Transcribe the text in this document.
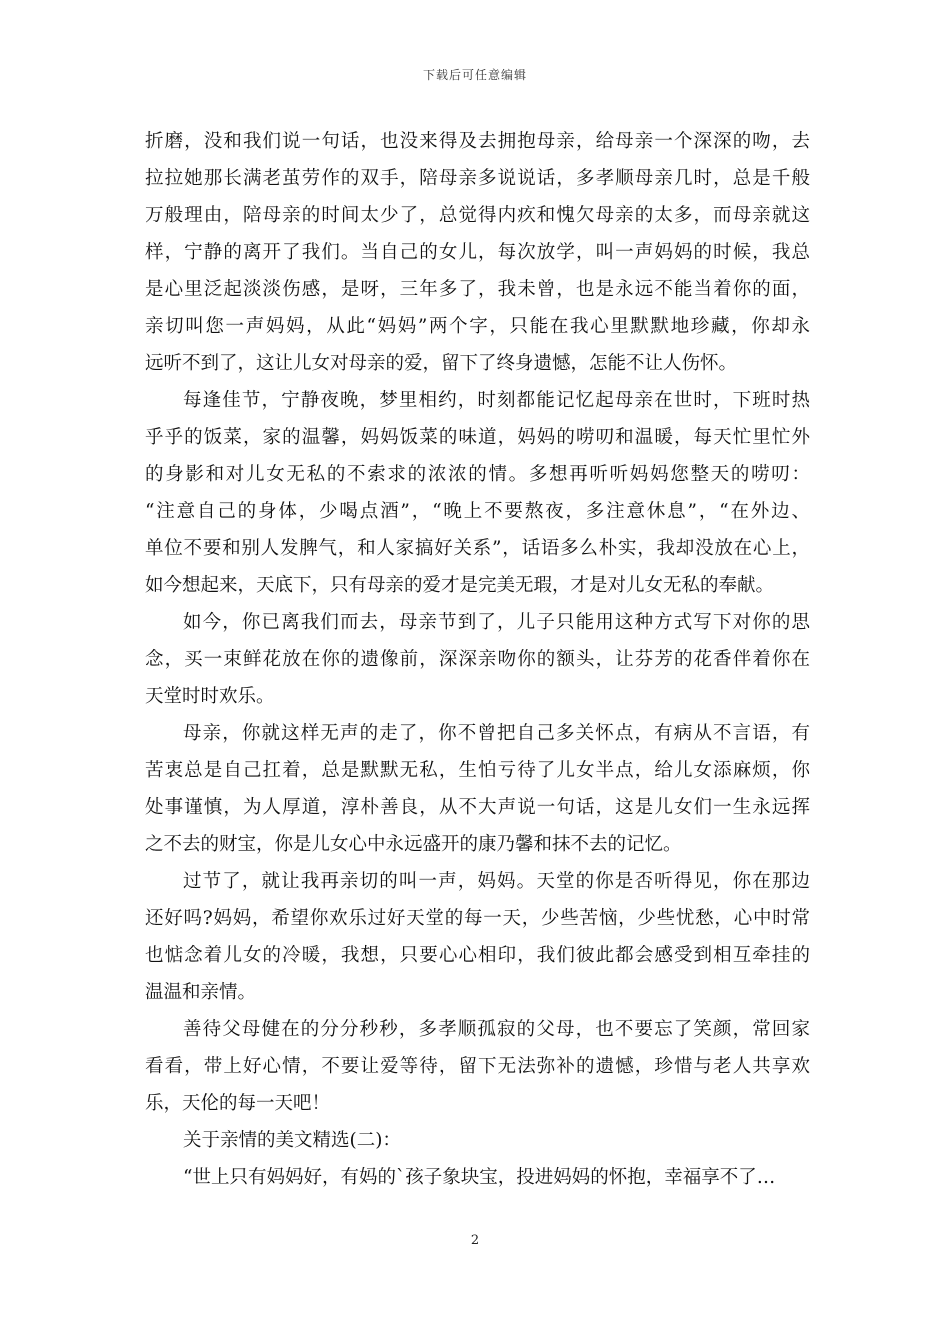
下载后可任意编辑
折磨，没和我们说一句话，也没来得及去拥抱母亲，给母亲一个深深的吻，去
拉拉她那长满老茧劳作的双手，陪母亲多说说话，多孝顺母亲几时，总是千般
万般理由，陪母亲的时间太少了，总觉得内疚和愧欠母亲的太多，而母亲就这
样，宁静的离开了我们。当自己的女儿，每次放学，叫一声妈妈的时候，我总
是心里泛起淡淡伤感，是呀，三年多了，我未曾，也是永远不能当着你的面，
亲切叫您一声妈妈，从此“妈妈”两个字，只能在我心里默默地珍藏，你却永
远听不到了，这让儿女对母亲的爱，留下了终身遗憾，怎能不让人伤怀。
每逢佳节，宁静夜晚，梦里相约，时刻都能记忆起母亲在世时，下班时热
乎乎的饭菜，家的温馨，妈妈饭菜的味道，妈妈的唠叨和温暖，每天忙里忙外
的身影和对儿女无私的不索求的浓浓的情。多想再听听妈妈您整天的唠叨：
“注意自己的身体，少喝点酒”，“晚上不要熬夜，多注意休息”，“在外边、
单位不要和别人发脾气，和人家搞好关系”，话语多么朴实，我却没放在心上，
如今想起来，天底下，只有母亲的爱才是完美无瑕，才是对儿女无私的奉献。
如今，你已离我们而去，母亲节到了，儿子只能用这种方式写下对你的思
念，买一束鲜花放在你的遗像前，深深亲吻你的额头，让芬芳的花香伴着你在
天堂时时欢乐。
母亲，你就这样无声的走了，你不曾把自己多关怀点，有病从不言语，有
苦衷总是自己扛着，总是默默无私，生怕亏待了儿女半点，给儿女添麻烦，你
处事谨慎，为人厚道，淳朴善良，从不大声说一句话，这是儿女们一生永远挥
之不去的财宝，你是儿女心中永远盛开的康乃馨和抹不去的记忆。
过节了，就让我再亲切的叫一声，妈妈。天堂的你是否听得见，你在那边
还好吗?妈妈，希望你欢乐过好天堂的每一天，少些苦恼，少些忧愁，心中时常
也惦念着儿女的冷暖，我想，只要心心相印，我们彼此都会感受到相互牵挂的
温温和亲情。
善待父母健在的分分秒秒，多孝顺孤寂的父母，也不要忘了笑颜，常回家
看看，带上好心情，不要让爱等待，留下无法弥补的遗憾，珍惜与老人共享欢
乐，天伦的每一天吧！
关于亲情的美文精选(二)：
“世上只有妈妈好，有妈的`孩子象块宝，投进妈妈的怀抱，幸福享不了…
2
